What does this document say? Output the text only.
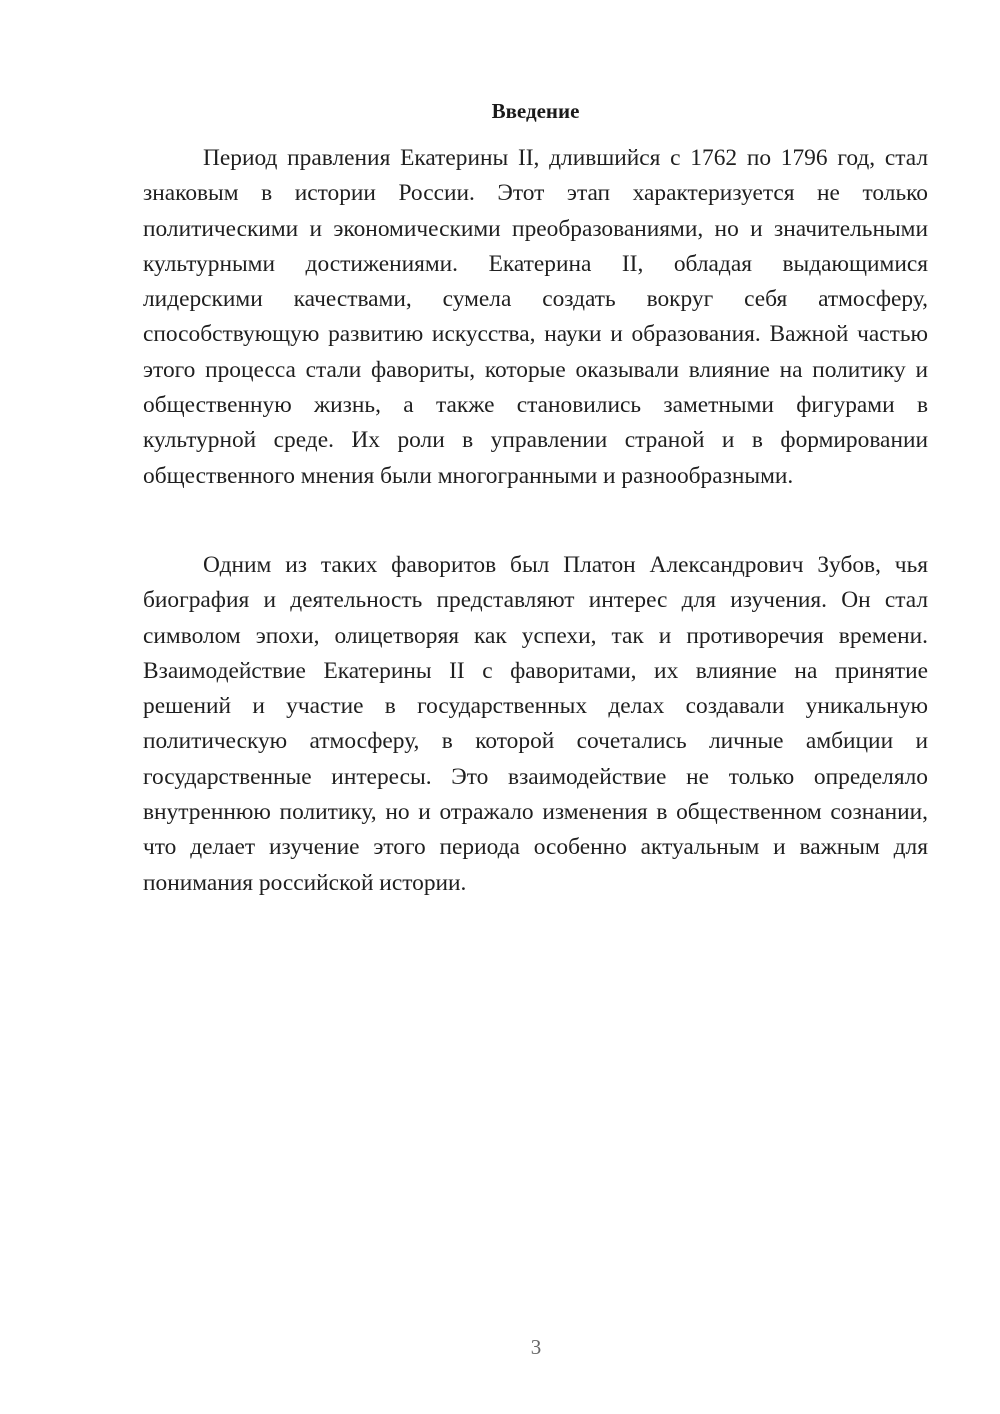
Введение

Период правления Екатерины II, длившийся с 1762 по 1796 год, стал знаковым в истории России. Этот этап характеризуется не только политическими и экономическими преобразованиями, но и значительными культурными достижениями. Екатерина II, обладая выдающимися лидерскими качествами, сумела создать вокруг себя атмосферу, способствующую развитию искусства, науки и образования. Важной частью этого процесса стали фавориты, которые оказывали влияние на политику и общественную жизнь, а также становились заметными фигурами в культурной среде. Их роли в управлении страной и в формировании общественного мнения были многогранными и разнообразными.

Одним из таких фаворитов был Платон Александрович Зубов, чья биография и деятельность представляют интерес для изучения. Он стал символом эпохи, олицетворяя как успехи, так и противоречия времени. Взаимодействие Екатерины II с фаворитами, их влияние на принятие решений и участие в государственных делах создавали уникальную политическую атмосферу, в которой сочетались личные амбиции и государственные интересы. Это взаимодействие не только определяло внутреннюю политику, но и отражало изменения в общественном сознании, что делает изучение этого периода особенно актуальным и важным для понимания российской истории.

3
